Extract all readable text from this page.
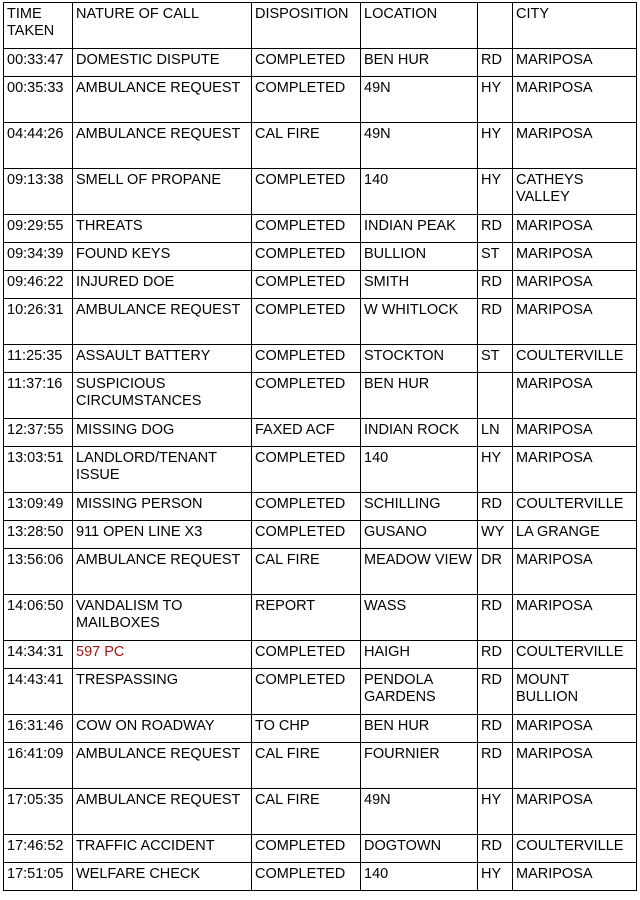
TIME TAKEN	NATURE OF CALL	DISPOSITION	LOCATION		CITY
00:33:47	DOMESTIC DISPUTE	COMPLETED	BEN HUR	RD	MARIPOSA
00:35:33	AMBULANCE REQUEST	COMPLETED	49N	HY	MARIPOSA
04:44:26	AMBULANCE REQUEST	CAL FIRE	49N	HY	MARIPOSA
09:13:38	SMELL OF PROPANE	COMPLETED	140	HY	CATHEYS VALLEY
09:29:55	THREATS	COMPLETED	INDIAN PEAK	RD	MARIPOSA
09:34:39	FOUND KEYS	COMPLETED	BULLION	ST	MARIPOSA
09:46:22	INJURED DOE	COMPLETED	SMITH	RD	MARIPOSA
10:26:31	AMBULANCE REQUEST	COMPLETED	W WHITLOCK	RD	MARIPOSA
11:25:35	ASSAULT BATTERY	COMPLETED	STOCKTON	ST	COULTERVILLE
11:37:16	SUSPICIOUS CIRCUMSTANCES	COMPLETED	BEN HUR		MARIPOSA
12:37:55	MISSING DOG	FAXED ACF	INDIAN ROCK	LN	MARIPOSA
13:03:51	LANDLORD/TENANT ISSUE	COMPLETED	140	HY	MARIPOSA
13:09:49	MISSING PERSON	COMPLETED	SCHILLING	RD	COULTERVILLE
13:28:50	911 OPEN LINE X3	COMPLETED	GUSANO	WY	LA GRANGE
13:56:06	AMBULANCE REQUEST	CAL FIRE	MEADOW VIEW	DR	MARIPOSA
14:06:50	VANDALISM TO MAILBOXES	REPORT	WASS	RD	MARIPOSA
14:34:31	597 PC	COMPLETED	HAIGH	RD	COULTERVILLE
14:43:41	TRESPASSING	COMPLETED	PENDOLA GARDENS	RD	MOUNT BULLION
16:31:46	COW ON ROADWAY	TO CHP	BEN HUR	RD	MARIPOSA
16:41:09	AMBULANCE REQUEST	CAL FIRE	FOURNIER	RD	MARIPOSA
17:05:35	AMBULANCE REQUEST	CAL FIRE	49N	HY	MARIPOSA
17:46:52	TRAFFIC ACCIDENT	COMPLETED	DOGTOWN	RD	COULTERVILLE
17:51:05	WELFARE CHECK	COMPLETED	140	HY	MARIPOSA
